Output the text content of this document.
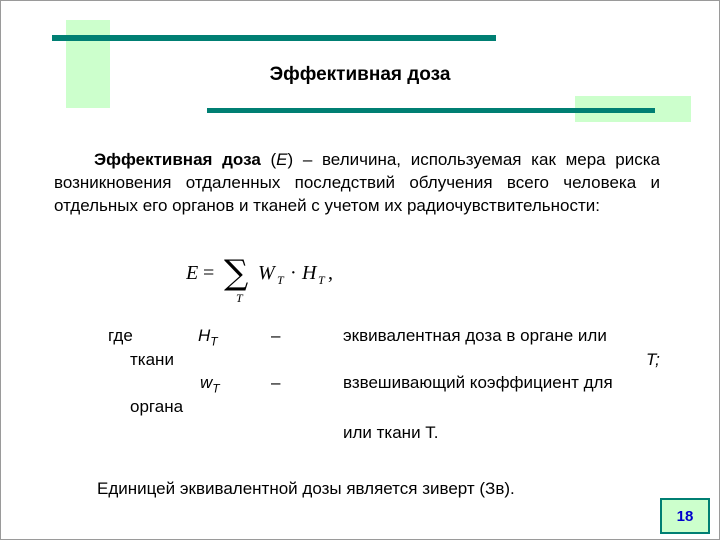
Эффективная доза
Эффективная доза (E) – величина, используемая как мера риска возникновения отдаленных последствий облучения всего человека и отдельных его органов и тканей с учетом их радиочувствительности:
E = ∑
T
W T · H T ,
где	$H_T$	–	эквивалентная доза в органе или
ткани	T;
$w_T$	–	взвешивающий коэффициент для
органа
или ткани T.
Единицей эквивалентной дозы является зиверт (Зв).
18
